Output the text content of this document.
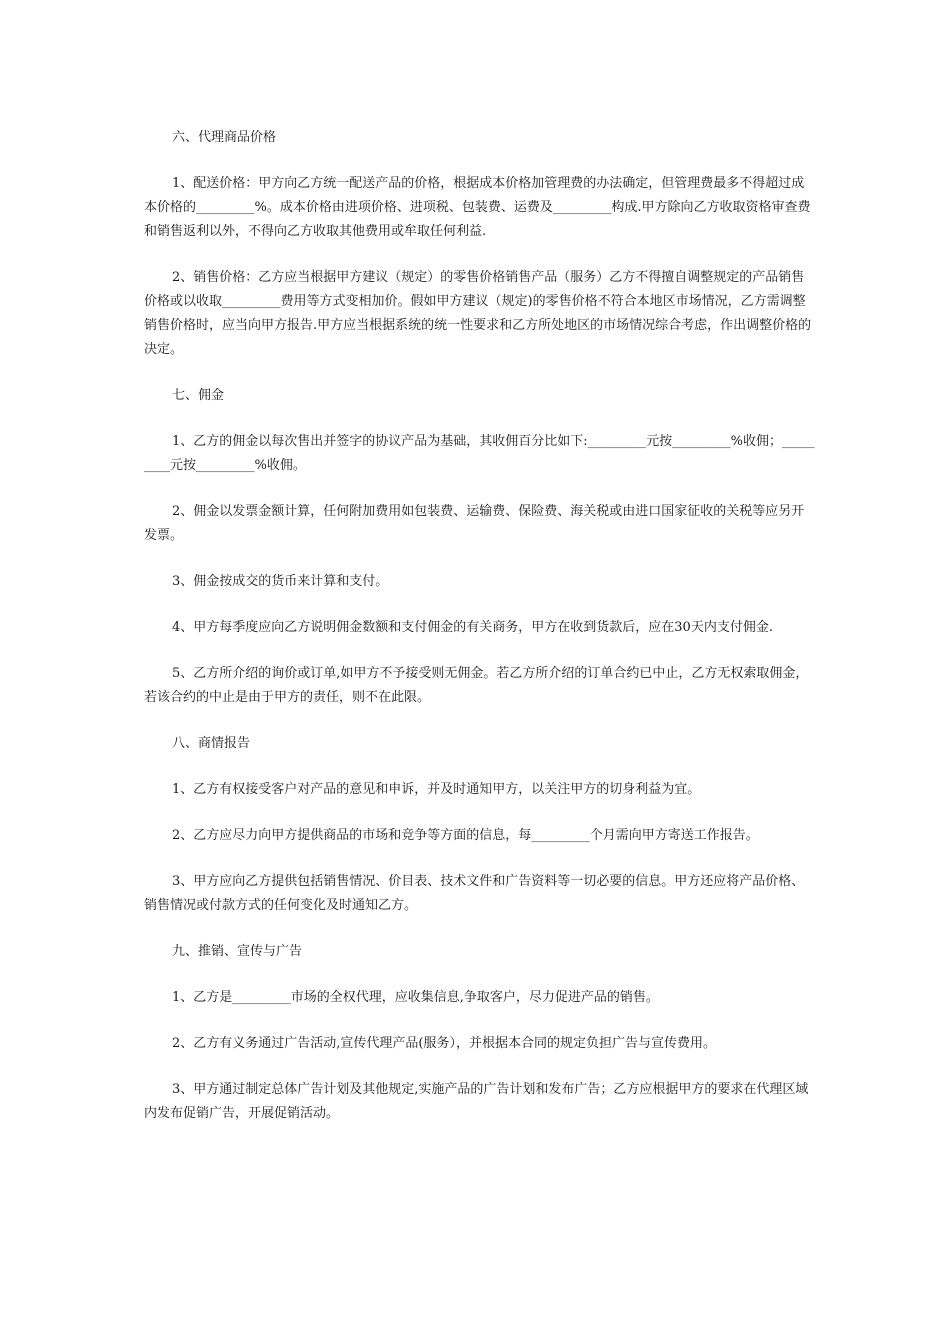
六、代理商品价格

1、配送价格：甲方向乙方统一配送产品的价格，根据成本价格加管理费的办法确定，但管理费最多不得超过成本价格的_________%。成本价格由进项价格、进项税、包装费、运费及_________构成.甲方除向乙方收取资格审查费和销售返利以外，不得向乙方收取其他费用或牟取任何利益.

2、销售价格：乙方应当根据甲方建议（规定）的零售价格销售产品（服务）乙方不得擅自调整规定的产品销售价格或以收取_________费用等方式变相加价。假如甲方建议（规定)的零售价格不符合本地区市场情况，乙方需调整销售价格时，应当向甲方报告.甲方应当根据系统的统一性要求和乙方所处地区的市场情况综合考虑，作出调整价格的决定。

七、佣金

1、乙方的佣金以每次售出并签字的协议产品为基础，其收佣百分比如下:_________元按_________%收佣；_________元按_________%收佣。

2、佣金以发票金额计算，任何附加费用如包装费、运输费、保险费、海关税或由进口国家征收的关税等应另开发票。

3、佣金按成交的货币来计算和支付。

4、甲方每季度应向乙方说明佣金数额和支付佣金的有关商务，甲方在收到货款后，应在30天内支付佣金.

5、乙方所介绍的询价或订单,如甲方不予接受则无佣金。若乙方所介绍的订单合约已中止，乙方无权索取佣金，若该合约的中止是由于甲方的责任，则不在此限。

八、商情报告

1、乙方有权接受客户对产品的意见和申诉，并及时通知甲方，以关注甲方的切身利益为宜。

2、乙方应尽力向甲方提供商品的市场和竞争等方面的信息，每_________个月需向甲方寄送工作报告。

3、甲方应向乙方提供包括销售情况、价目表、技术文件和广告资料等一切必要的信息。甲方还应将产品价格、销售情况或付款方式的任何变化及时通知乙方。

九、推销、宣传与广告

1、乙方是_________市场的全权代理，应收集信息,争取客户，尽力促进产品的销售。

2、乙方有义务通过广告活动,宣传代理产品(服务），并根据本合同的规定负担广告与宣传费用。

3、甲方通过制定总体广告计划及其他规定,实施产品的广告计划和发布广告；乙方应根据甲方的要求在代理区域内发布促销广告，开展促销活动。
